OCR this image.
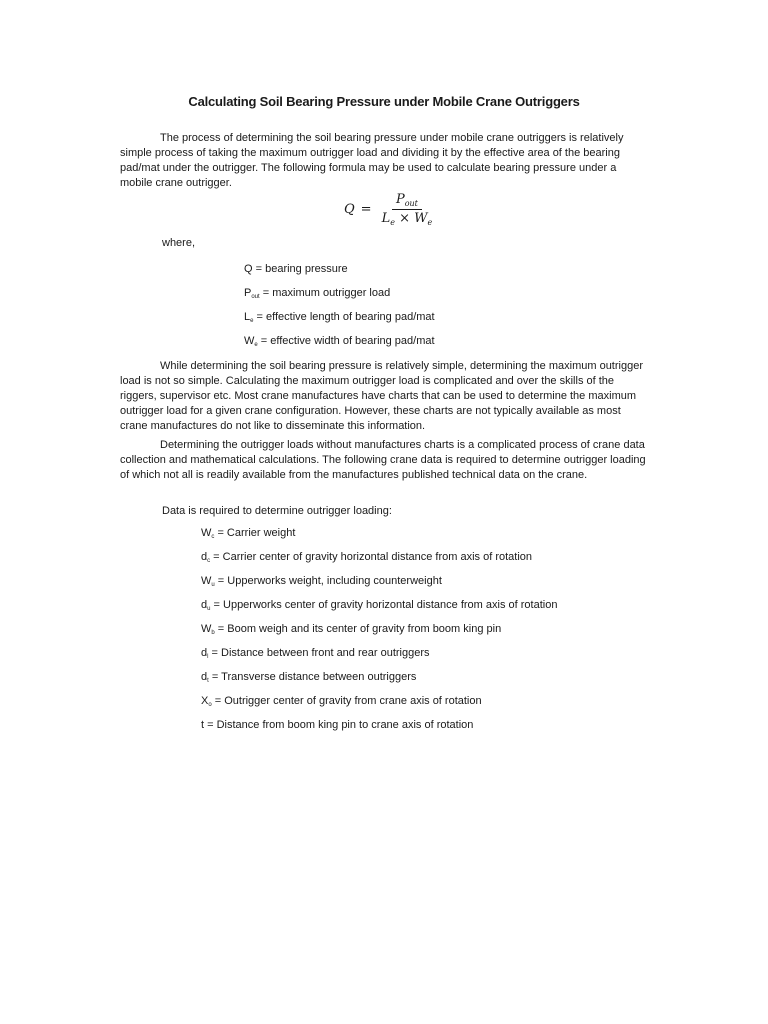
Calculating Soil Bearing Pressure under Mobile Crane Outriggers

The process of determining the soil bearing pressure under mobile crane outriggers is relatively simple process of taking the maximum outrigger load and dividing it by the effective area of the bearing pad/mat under the outrigger. The following formula may be used to calculate bearing pressure under a mobile crane outrigger.

$Q = \frac{P_{out}}{L_e \times W_e}$
where,
Q = bearing pressure
$P_{out}$ = maximum outrigger load
$L_e$ = effective length of bearing pad/mat
$W_e$ = effective width of bearing pad/mat

While determining the soil bearing pressure is relatively simple, determining the maximum outrigger load is not so simple. Calculating the maximum outrigger load is complicated and over the skills of the riggers, supervisor etc. Most crane manufactures have charts that can be used to determine the maximum outrigger load for a given crane configuration. However, these charts are not typically available as most crane manufactures do not like to disseminate this information.

Determining the outrigger loads without manufactures charts is a complicated process of crane data collection and mathematical calculations. The following crane data is required to determine outrigger loading of which not all is readily available from the manufactures published technical data on the crane.

Data is required to determine outrigger loading:
$W_c$ = Carrier weight
$d_c$ = Carrier center of gravity horizontal distance from axis of rotation
$W_u$ = Upperworks weight, including counterweight
$d_u$ = Upperworks center of gravity horizontal distance from axis of rotation
$W_b$ = Boom weigh and its center of gravity from boom king pin
$d_l$ = Distance between front and rear outriggers
$d_t$ = Transverse distance between outriggers
$X_o$ = Outrigger center of gravity from crane axis of rotation
t = Distance from boom king pin to crane axis of rotation
